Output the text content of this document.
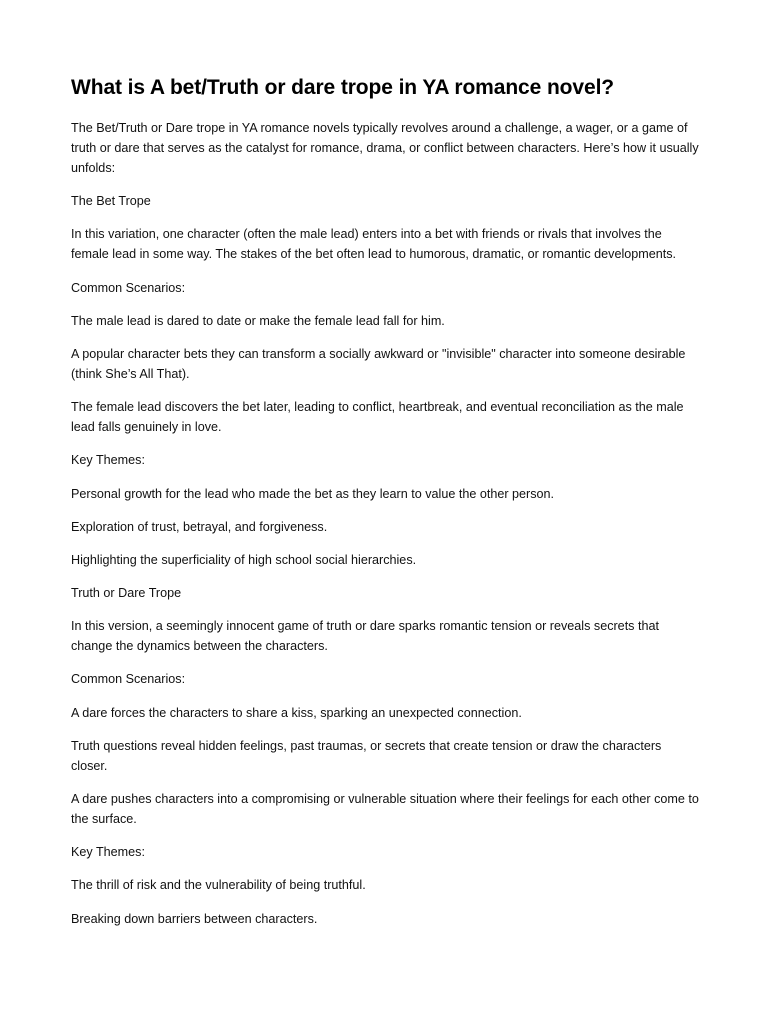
What is A bet/Truth or dare trope in YA romance novel?

The Bet/Truth or Dare trope in YA romance novels typically revolves around a challenge, a wager, or a game of truth or dare that serves as the catalyst for romance, drama, or conflict between characters. Here’s how it usually unfolds:

The Bet Trope

In this variation, one character (often the male lead) enters into a bet with friends or rivals that involves the female lead in some way. The stakes of the bet often lead to humorous, dramatic, or romantic developments.

Common Scenarios:

The male lead is dared to date or make the female lead fall for him.

A popular character bets they can transform a socially awkward or "invisible" character into someone desirable (think She’s All That).

The female lead discovers the bet later, leading to conflict, heartbreak, and eventual reconciliation as the male lead falls genuinely in love.

Key Themes:

Personal growth for the lead who made the bet as they learn to value the other person.

Exploration of trust, betrayal, and forgiveness.

Highlighting the superficiality of high school social hierarchies.

Truth or Dare Trope

In this version, a seemingly innocent game of truth or dare sparks romantic tension or reveals secrets that change the dynamics between the characters.

Common Scenarios:

A dare forces the characters to share a kiss, sparking an unexpected connection.

Truth questions reveal hidden feelings, past traumas, or secrets that create tension or draw the characters closer.

A dare pushes characters into a compromising or vulnerable situation where their feelings for each other come to the surface.

Key Themes:

The thrill of risk and the vulnerability of being truthful.

Breaking down barriers between characters.
